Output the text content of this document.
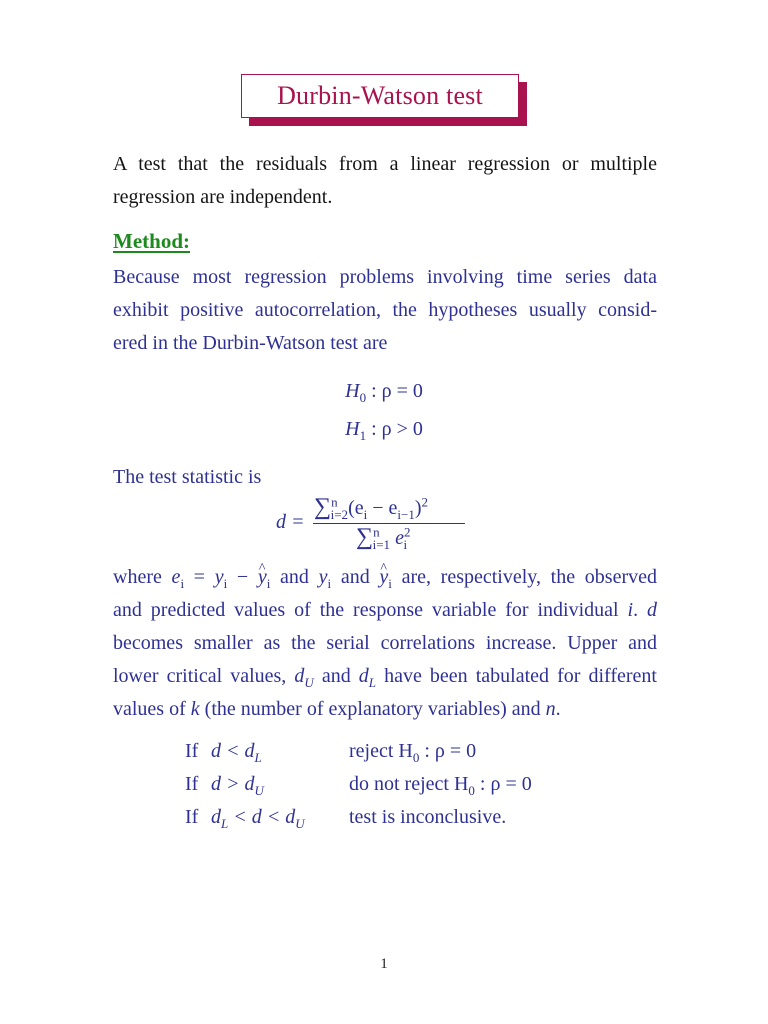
Durbin-Watson test
A test that the residuals from a linear regression or multiple
regression are independent.
Method:
Because most regression problems involving time series data
exhibit positive autocorrelation, the hypotheses usually consid-
ered in the Durbin-Watson test are
$H_0$ : ρ = 0
$H_1$ : ρ > 0
The test statistic is
d =
$\sum^n_{i=2}(e_i - e_{i-1})^2$
∑$^n_{i=1}$ $e^2_i$
where $e_i = y_i - y$ $\^{}_i$ and $y_i$ and y $\^{}_i$ are, respectively, the observed
and predicted values of the response variable for individual i. d
becomes smaller as the serial correlations increase. Upper and
lower critical values, $d_U$ and $d_L$ have been tabulated for different
values of k (the number of explanatory variables) and n.
If $d < d_L$	reject $H_0$ : ρ = 0
If $d > d_U$	do not reject $H_0$ : ρ = 0
If $d_L < d < d_U$ test is inconclusive.
1
